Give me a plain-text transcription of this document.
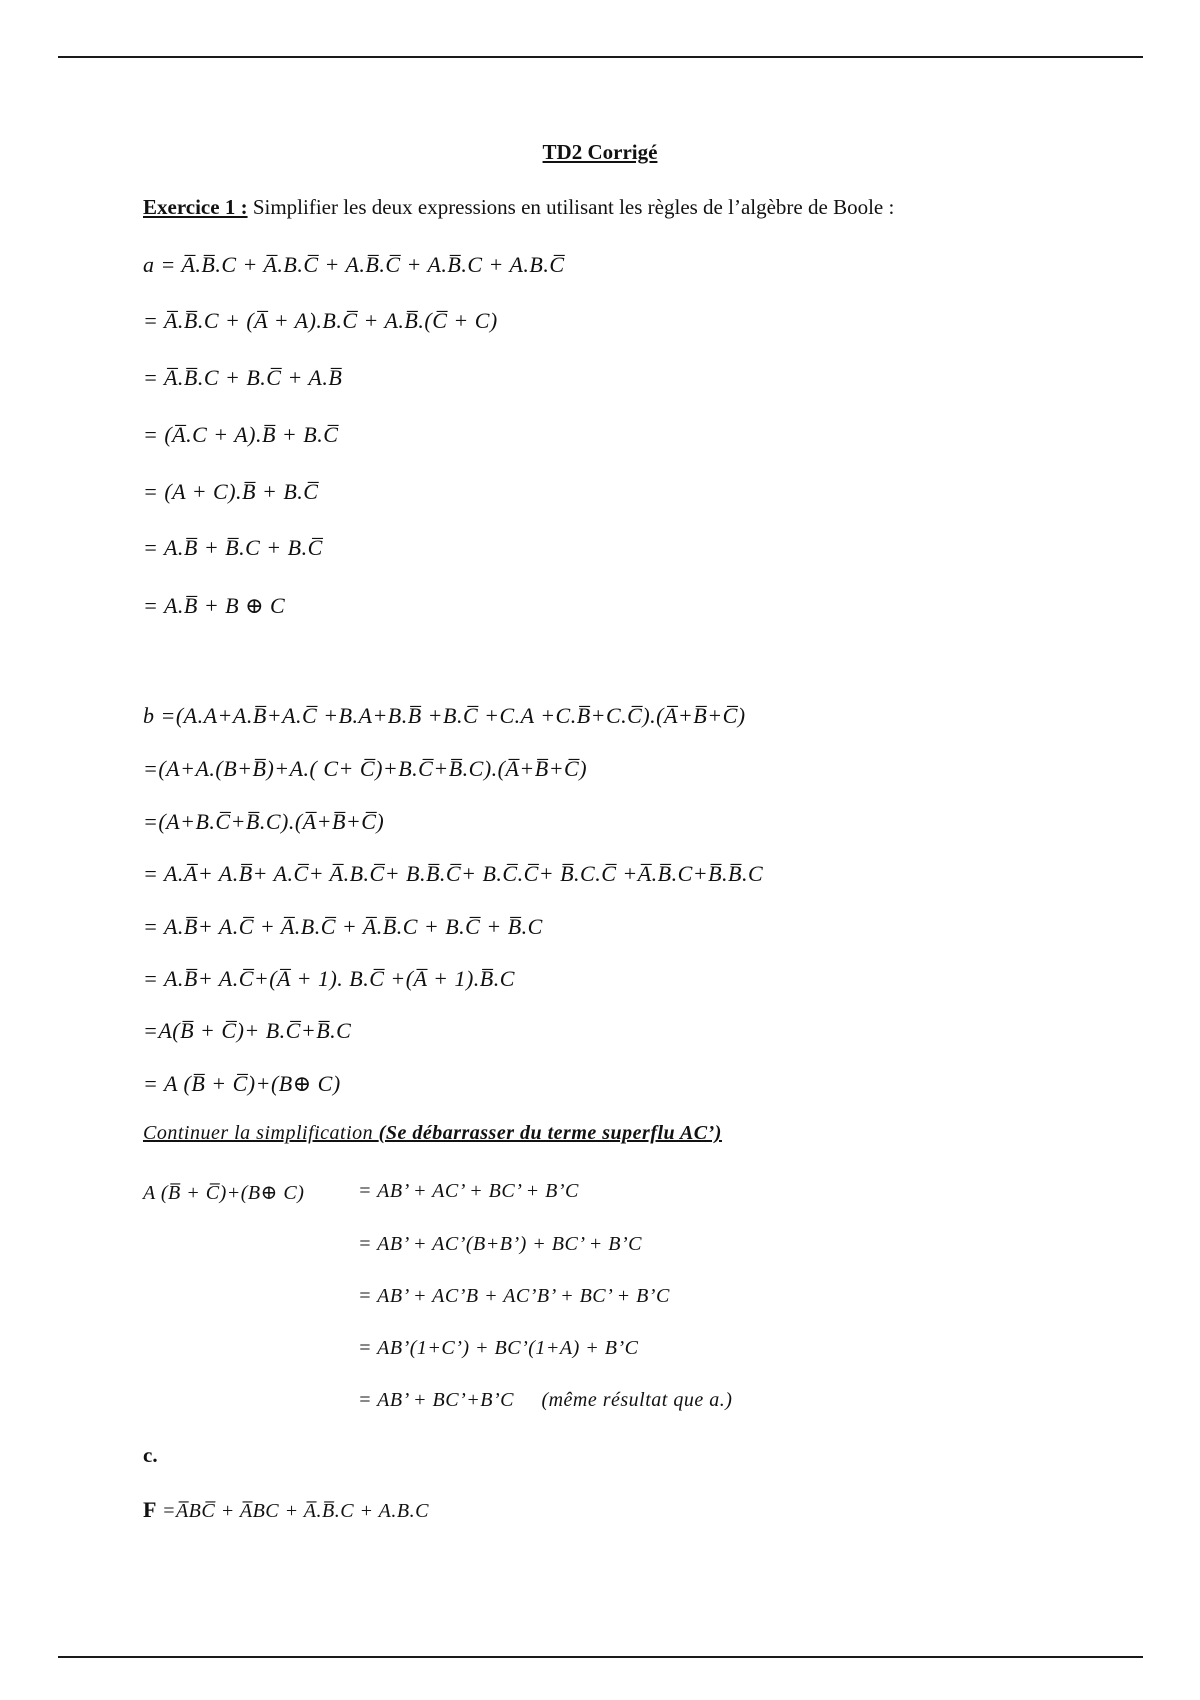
TD2 Corrigé
Exercice 1 : Simplifier les deux expressions en utilisant les règles de l’algèbre de Boole :
a = A̅.B̅.C + A̅.B.C̅ + A.B̅.C̅ + A.B̅.C + A.B.C̅
= A̅.B̅.C + (A̅ + A).B.C̅ + A.B̅.(C̅ + C)
= A̅.B̅.C + B.C̅ + A.B̅
= (A̅.C + A).B̅ + B.C̅
= (A + C).B̅ + B.C̅
= A.B̅ + B̅.C + B.C̅
= A.B̅ + B ⊕ C
b =(A.A+A.B̅+A.C̅ +B.A+B.B̅ +B.C̅ +C.A +C.B̅+C.C̅).(A̅+B̅+C̅)
=(A+A.(B+B̅)+A.( C+ C̅)+B.C̅+B̅.C).(A̅+B̅+C̅)
=(A+B.C̅+B̅.C).(A̅+B̅+C̅)
= A.A̅+ A.B̅+ A.C̅+ A̅.B.C̅+ B.B̅.C̅+ B.C̅.C̅+ B̅.C.C̅ +A̅.B̅.C+B̅.B̅.C
= A.B̅+ A.C̅ + A̅.B.C̅ + A̅.B̅.C + B.C̅ + B̅.C
= A.B̅+ A.C̅+(A̅ + 1). B.C̅ +(A̅ + 1).B̅.C
=A(B̅ + C̅)+ B.C̅+B̅.C
= A (B̅ + C̅)+(B⊕ C)
Continuer la simplification (Se débarrasser du terme superflu AC’)
A (B̅ + C̅)+(B⊕ C)	= AB’ + AC’ + BC’ + B’C
= AB’ + AC’(B+B’) + BC’ + B’C
= AB’ + AC’B + AC’B’ + BC’ + B’C
= AB’(1+C’) + BC’(1+A) + B’C
= AB’ + BC’+B’C (même résultat que a.)
c.
F =A̅BC̅ + A̅BC + A̅.B̅.C + A.B.C
